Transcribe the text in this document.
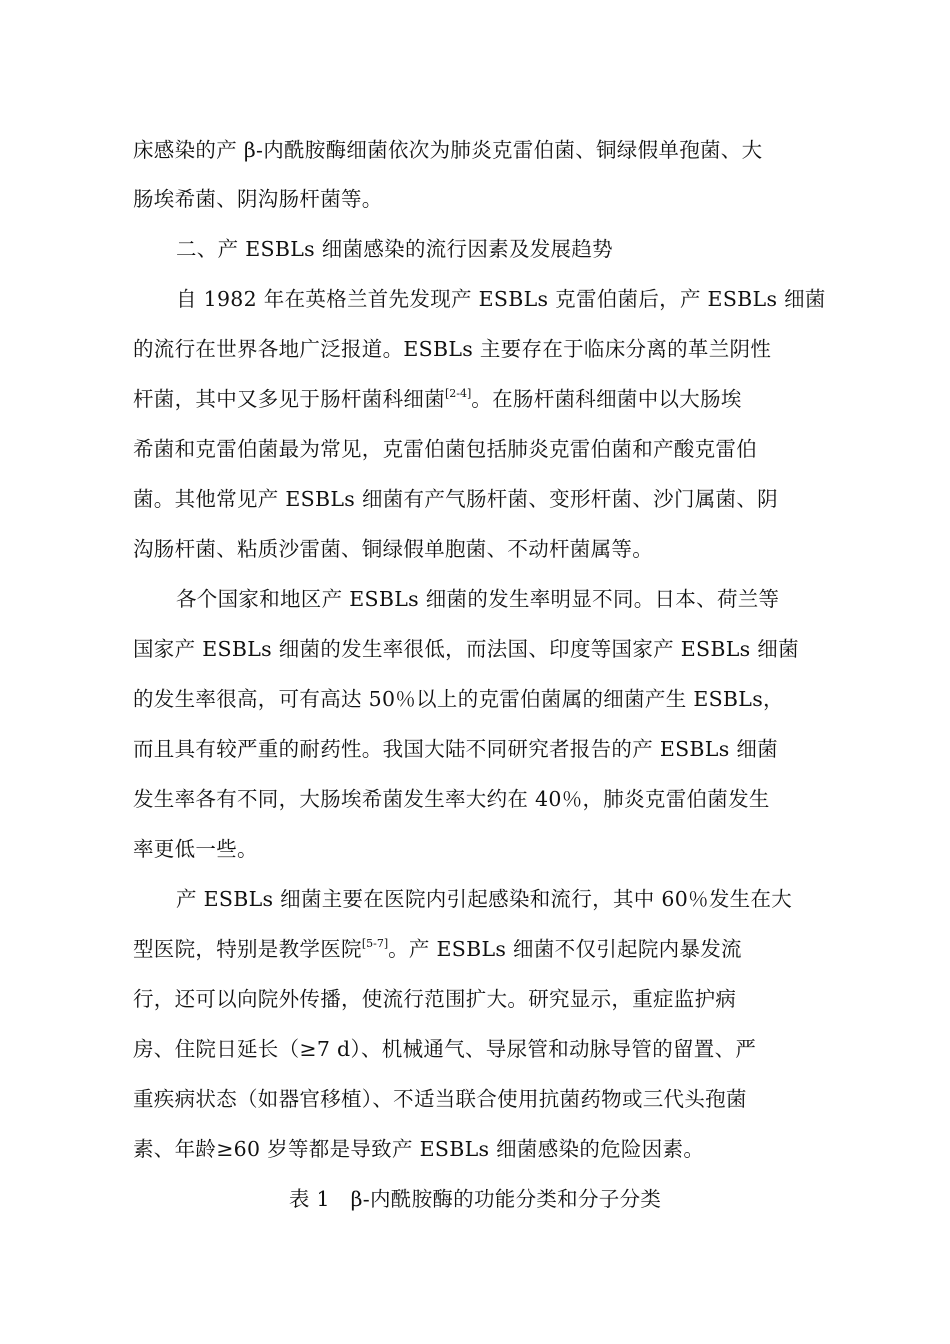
床感染的产 β-内酰胺酶细菌依次为肺炎克雷伯菌、铜绿假单孢菌、大
肠埃希菌、阴沟肠杆菌等。
二、产 ESBLs 细菌感染的流行因素及发展趋势
自 1982 年在英格兰首先发现产 ESBLs 克雷伯菌后，产 ESBLs 细菌
的流行在世界各地广泛报道。ESBLs 主要存在于临床分离的革兰阴性
杆菌，其中又多见于肠杆菌科细菌[2-4]。在肠杆菌科细菌中以大肠埃
希菌和克雷伯菌最为常见，克雷伯菌包括肺炎克雷伯菌和产酸克雷伯
菌。其他常见产 ESBLs 细菌有产气肠杆菌、变形杆菌、沙门属菌、阴
沟肠杆菌、粘质沙雷菌、铜绿假单胞菌、不动杆菌属等。
各个国家和地区产 ESBLs 细菌的发生率明显不同。日本、荷兰等
国家产 ESBLs 细菌的发生率很低，而法国、印度等国家产 ESBLs 细菌
的发生率很高，可有高达 50％以上的克雷伯菌属的细菌产生 ESBLs，
而且具有较严重的耐药性。我国大陆不同研究者报告的产 ESBLs 细菌
发生率各有不同，大肠埃希菌发生率大约在 40％，肺炎克雷伯菌发生
率更低一些。
产 ESBLs 细菌主要在医院内引起感染和流行，其中 60％发生在大
型医院，特别是教学医院[5-7]。产 ESBLs 细菌不仅引起院内暴发流
行，还可以向院外传播，使流行范围扩大。研究显示，重症监护病
房、住院日延长（≥7 d）、机械通气、导尿管和动脉导管的留置、严
重疾病状态（如器官移植）、不适当联合使用抗菌药物或三代头孢菌
素、年龄≥60 岁等都是导致产 ESBLs 细菌感染的危险因素。
表 1　β-内酰胺酶的功能分类和分子分类
